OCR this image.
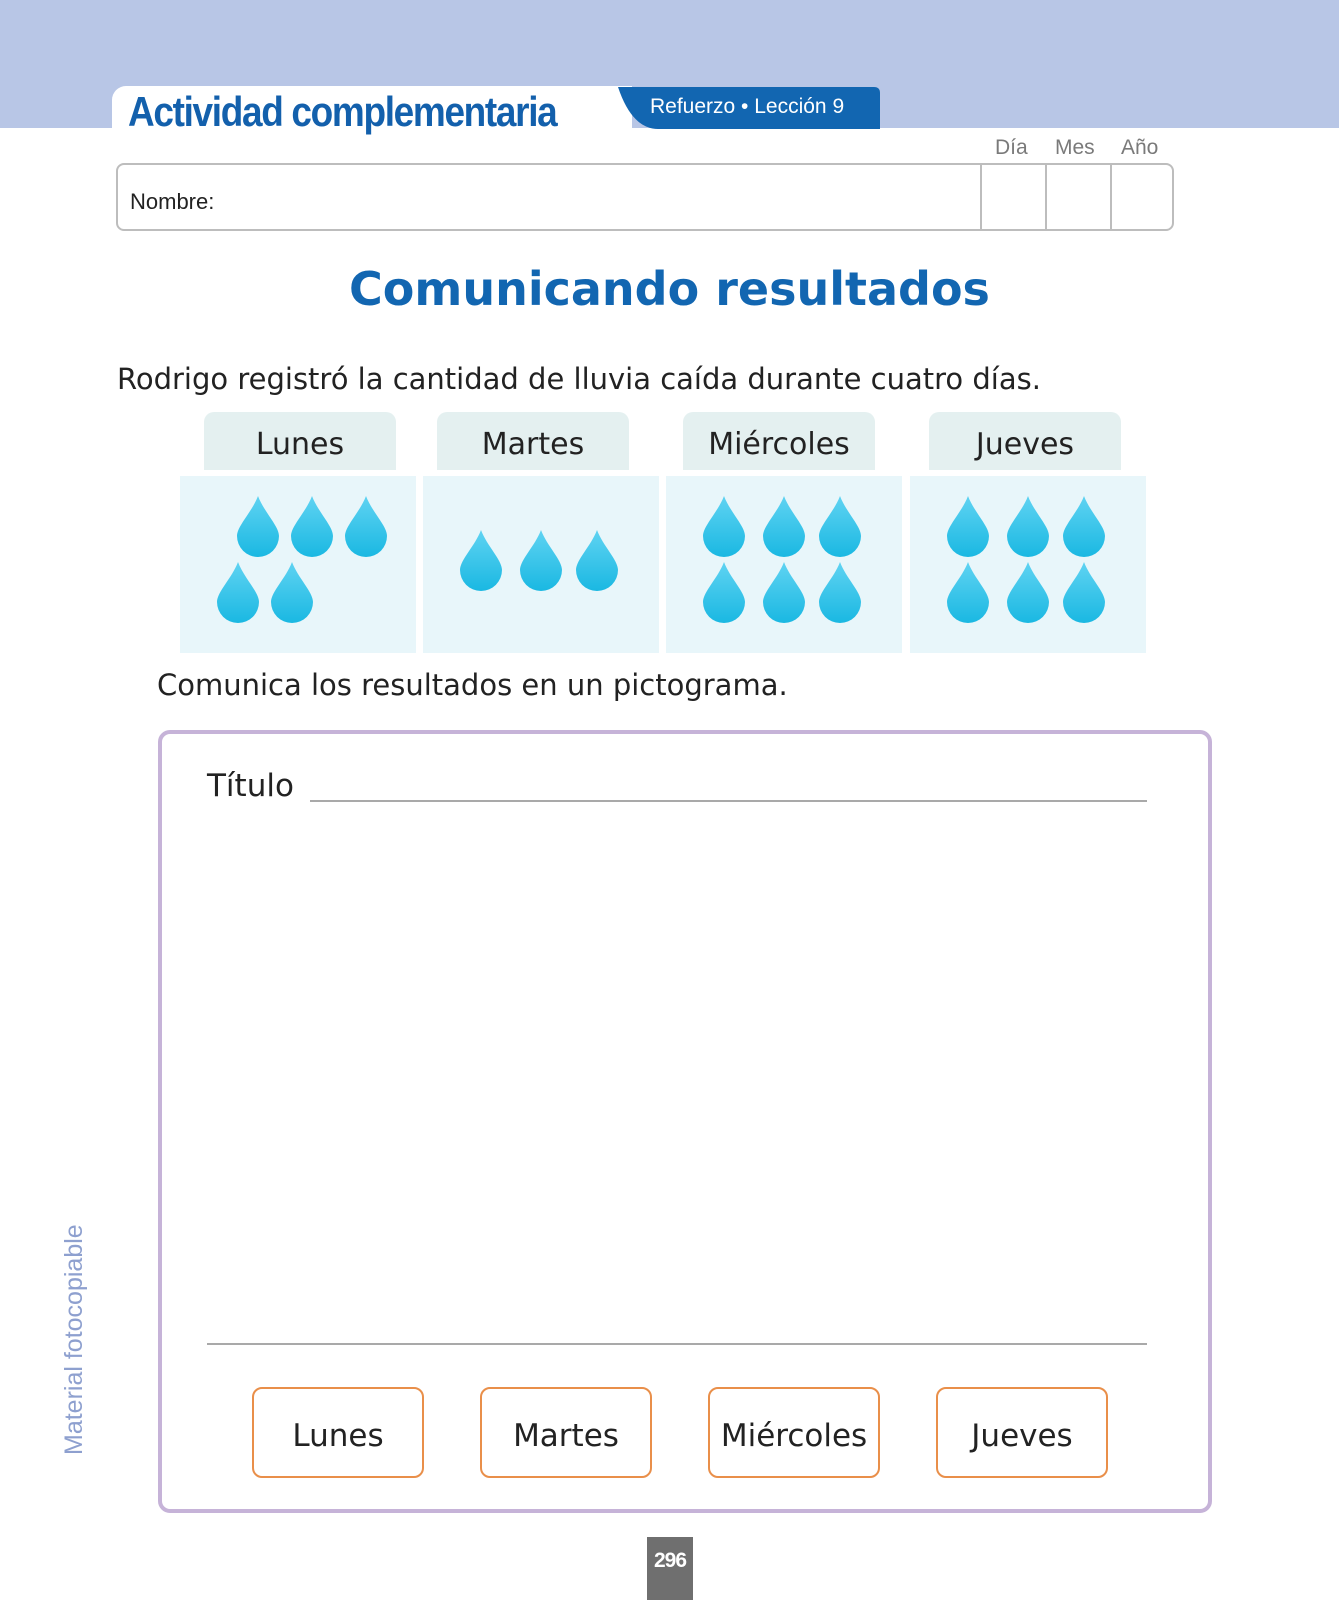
Actividad complementaria	Refuerzo • Lección 9
Día Mes Año
Nombre:
Comunicando resultados
Rodrigo registró la cantidad de lluvia caída durante cuatro días.
Lunes	Martes	Miércoles	Jueves
Comunica los resultados en un pictograma.
Título
Lunes	Martes	Miércoles	Jueves
Material fotocopiable
296
